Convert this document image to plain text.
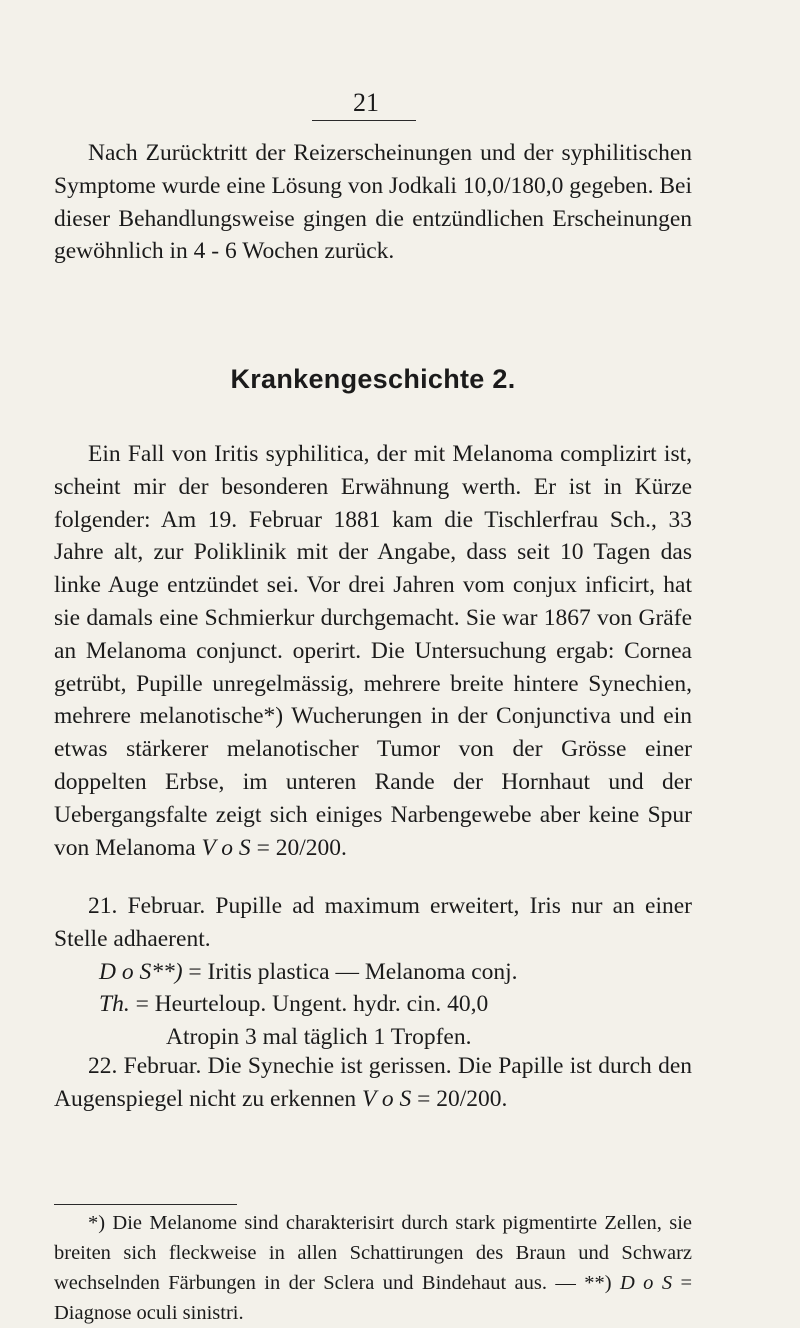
21

Nach Zurücktritt der Reizerscheinungen und der syphilitischen Symptome wurde eine Lösung von Jodkali 10,0/180,0 gegeben. Bei dieser Behandlungsweise gingen die entzündlichen Erscheinungen gewöhnlich in 4 - 6 Wochen zurück.

Krankengeschichte 2.

Ein Fall von Iritis syphilitica, der mit Melanoma complizirt ist, scheint mir der besonderen Erwähnung werth. Er ist in Kürze folgender: Am 19. Februar 1881 kam die Tischlerfrau Sch., 33 Jahre alt, zur Poliklinik mit der Angabe, dass seit 10 Tagen das linke Auge entzündet sei. Vor drei Jahren vom conjux inficirt, hat sie damals eine Schmierkur durchgemacht. Sie war 1867 von Gräfe an Melanoma conjunct. operirt. Die Untersuchung ergab: Cornea getrübt, Pupille unregelmässig, mehrere breite hintere Synechien, mehrere melanotische*) Wucherungen in der Conjunctiva und ein etwas stärkerer melanotischer Tumor von der Grösse einer doppelten Erbse, im unteren Rande der Hornhaut und der Uebergangsfalte zeigt sich einiges Narbengewebe aber keine Spur von Melanoma V o S = 20/200.

21. Februar. Pupille ad maximum erweitert, Iris nur an einer Stelle adhaerent.

D o S**) = Iritis plastica — Melanoma conj.

Th. = Heurteloup. Ungent. hydr. cin. 40,0

Atropin 3 mal täglich 1 Tropfen.

22. Februar. Die Synechie ist gerissen. Die Papille ist durch den Augenspiegel nicht zu erkennen V o S = 20/200.

*) Die Melanome sind charakterisirt durch stark pigmentirte Zellen, sie breiten sich fleckweise in allen Schattirungen des Braun und Schwarz wechselnden Färbungen in der Sclera und Bindehaut aus. — **) D o S = Diagnose oculi sinistri.
